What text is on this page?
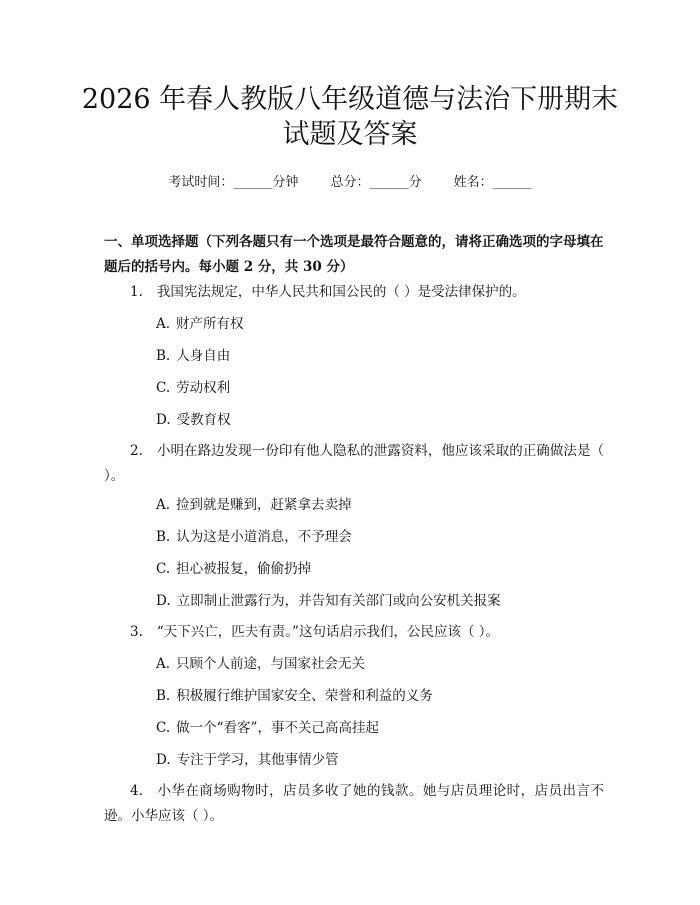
2026 年春人教版八年级道德与法治下册期末
试题及答案
考试时间：______分钟 总分：______分 姓名：______

一、单项选择题（下列各题只有一个选项是最符合题意的，请将正确选项的字母填在题后的括号内。每小题 2 分，共 30 分）

1. 我国宪法规定，中华人民共和国公民的（ ）是受法律保护的。

A. 财产所有权
B. 人身自由
C. 劳动权利
D. 受教育权

2. 小明在路边发现一份印有他人隐私的泄露资料，他应该采取的正确做法是（ ）。

A. 捡到就是赚到，赶紧拿去卖掉
B. 认为这是小道消息，不予理会
C. 担心被报复，偷偷扔掉
D. 立即制止泄露行为，并告知有关部门或向公安机关报案

3. “天下兴亡，匹夫有责。”这句话启示我们，公民应该（ ）。

A. 只顾个人前途，与国家社会无关
B. 积极履行维护国家安全、荣誉和利益的义务
C. 做一个“看客”，事不关己高高挂起
D. 专注于学习，其他事情少管

4. 小华在商场购物时，店员多收了她的钱款。她与店员理论时，店员出言不逊。小华应该（ ）。
